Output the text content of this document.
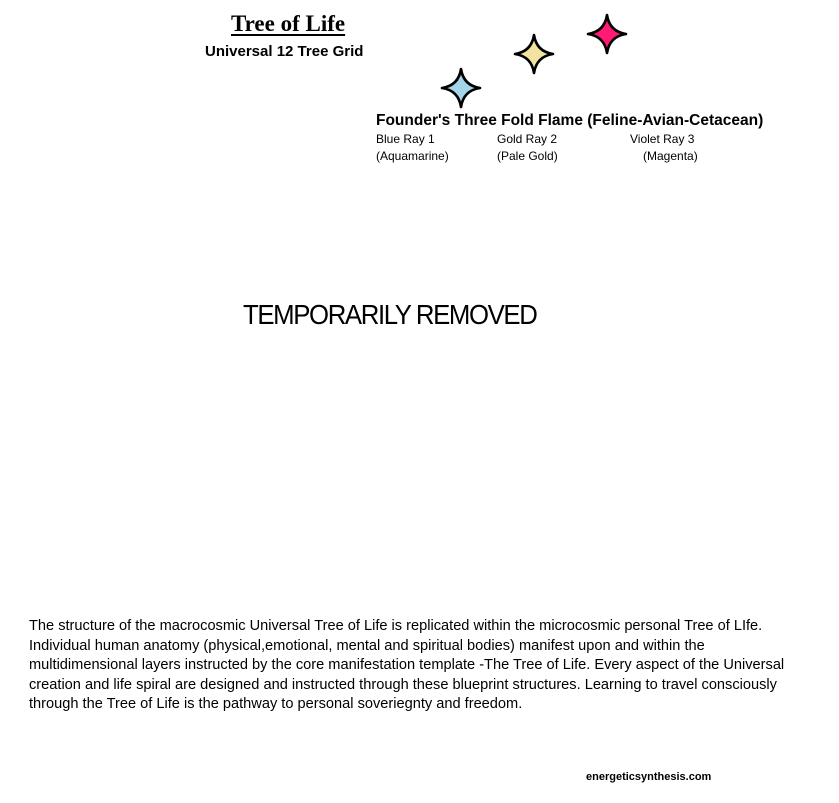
Tree of Life
Universal 12 Tree Grid
Founder's Three Fold Flame (Feline-Avian-Cetacean)
Blue Ray 1
(Aquamarine)
Gold Ray 2
(Pale Gold)
Violet Ray 3
(Magenta)
TEMPORARILY REMOVED
The structure of the macrocosmic Universal Tree of Life is replicated within the microcosmic personal Tree of LIfe. Individual human anatomy (physical,emotional, mental and spiritual bodies) manifest upon and within the multidimensional layers instructed by the core manifestation template -The Tree of Life. Every aspect of the Universal creation and life spiral are designed and instructed through these blueprint structures. Learning to travel consciously through the Tree of Life is the pathway to personal soveriegnty and freedom.
energeticsynthesis.com
